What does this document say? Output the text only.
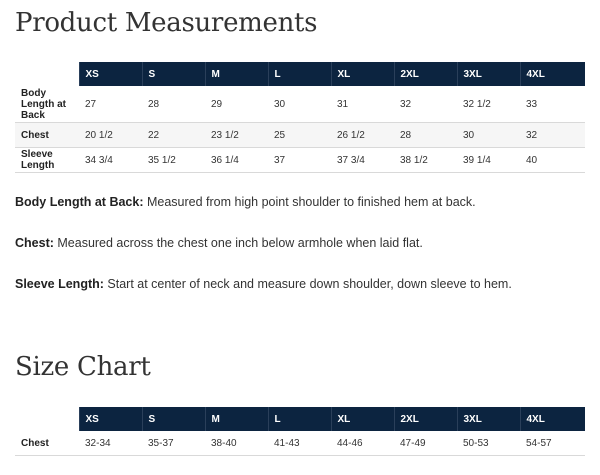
Product Measurements
	XS	S	M	L	XL	2XL	3XL	4XL
Body Length at Back	27	28	29	30	31	32	32 1/2	33
Chest	20 1/2	22	23 1/2	25	26 1/2	28	30	32
Sleeve Length	34 3/4	35 1/2	36 1/4	37	37 3/4	38 1/2	39 1/4	40

Body Length at Back: Measured from high point shoulder to finished hem at back.

Chest: Measured across the chest one inch below armhole when laid flat.

Sleeve Length: Start at center of neck and measure down shoulder, down sleeve to hem.

Size Chart
	XS	S	M	L	XL	2XL	3XL	4XL
Chest	32-34	35-37	38-40	41-43	44-46	47-49	50-53	54-57
